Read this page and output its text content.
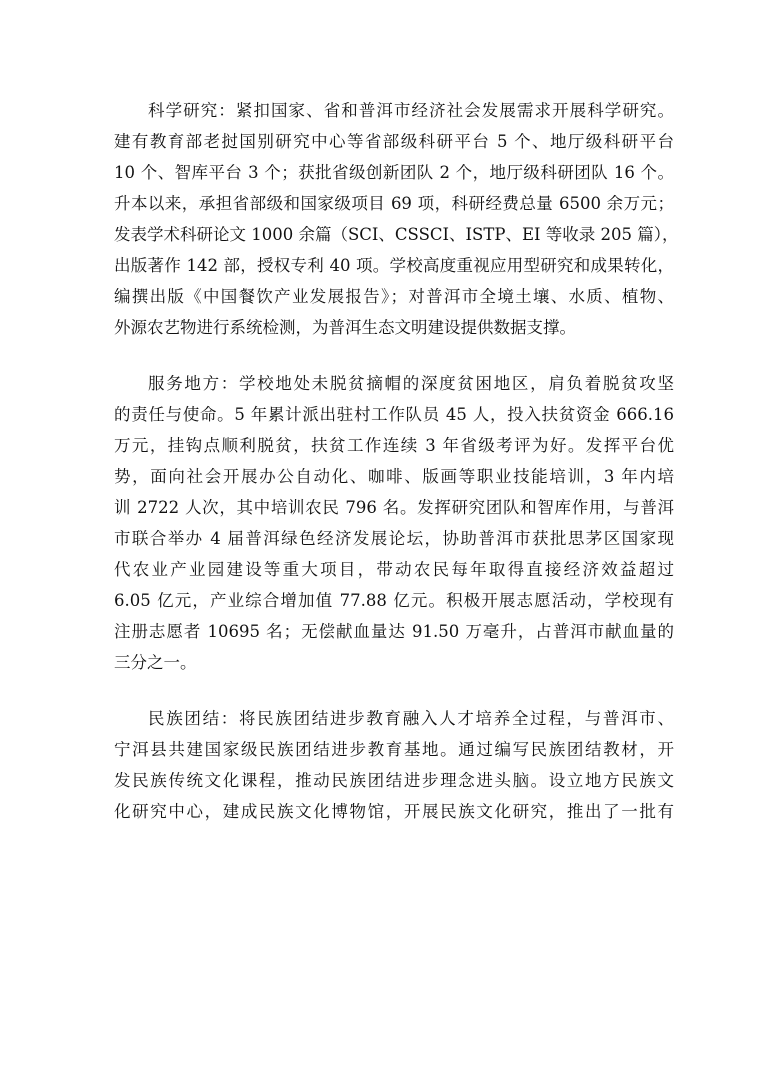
科学研究：紧扣国家、省和普洱市经济社会发展需求开展科学研究。
建有教育部老挝国别研究中心等省部级科研平台 5 个、地厅级科研平台
10 个、智库平台 3 个；获批省级创新团队 2 个，地厅级科研团队 16 个。
升本以来，承担省部级和国家级项目 69 项，科研经费总量 6500 余万元；
发表学术科研论文 1000 余篇（SCI、CSSCI、ISTP、EI 等收录 205 篇），
出版著作 142 部，授权专利 40 项。学校高度重视应用型研究和成果转化，
编撰出版《中国餐饮产业发展报告》；对普洱市全境土壤、水质、植物、
外源农艺物进行系统检测，为普洱生态文明建设提供数据支撑。
服务地方：学校地处未脱贫摘帽的深度贫困地区，肩负着脱贫攻坚
的责任与使命。5 年累计派出驻村工作队员 45 人，投入扶贫资金 666.16
万元，挂钩点顺利脱贫，扶贫工作连续 3 年省级考评为好。发挥平台优
势，面向社会开展办公自动化、咖啡、版画等职业技能培训，3 年内培
训 2722 人次，其中培训农民 796 名。发挥研究团队和智库作用，与普洱
市联合举办 4 届普洱绿色经济发展论坛，协助普洱市获批思茅区国家现
代农业产业园建设等重大项目，带动农民每年取得直接经济效益超过
6.05 亿元，产业综合增加值 77.88 亿元。积极开展志愿活动，学校现有
注册志愿者 10695 名；无偿献血量达 91.50 万毫升，占普洱市献血量的
三分之一。
民族团结：将民族团结进步教育融入人才培养全过程，与普洱市、
宁洱县共建国家级民族团结进步教育基地。通过编写民族团结教材，开
发民族传统文化课程，推动民族团结进步理念进头脑。设立地方民族文
化研究中心，建成民族文化博物馆，开展民族文化研究，推出了一批有
